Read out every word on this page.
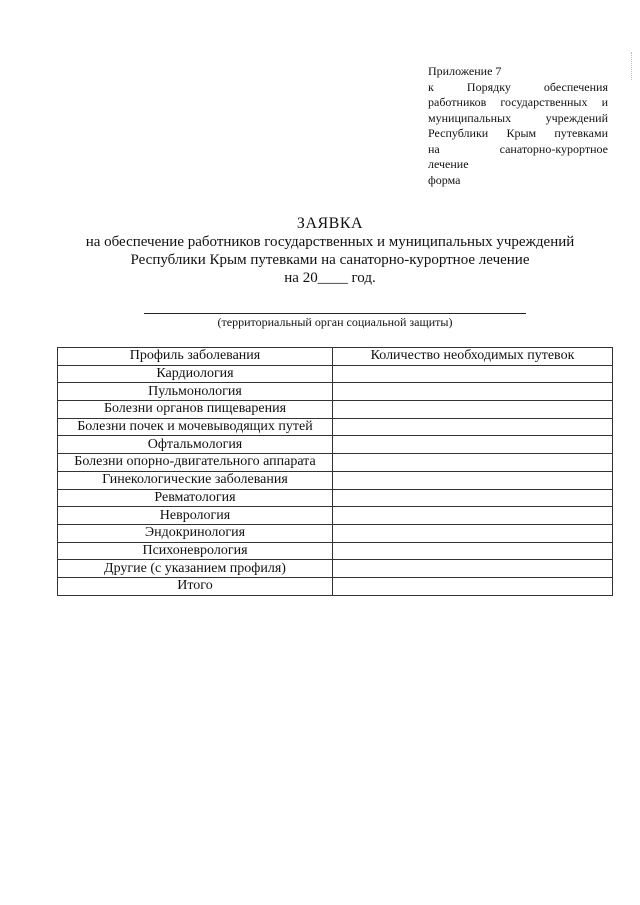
Приложение 7
к Порядку обеспечения
работников государственных и
муниципальных учреждений
Республики Крым путевками
на санаторно-курортное
лечение
форма
ЗАЯВКА
на обеспечение работников государственных и муниципальных учреждений
Республики Крым путевками на санаторно-курортное лечение
на 20____ год.
(территориальный орган социальной защиты)
Профиль заболевания	Количество необходимых путевок
Кардиология	
Пульмонология	
Болезни органов пищеварения	
Болезни почек и мочевыводящих путей	
Офтальмология	
Болезни опорно-двигательного аппарата	
Гинекологические заболевания	
Ревматология	
Неврология	
Эндокринология	
Психоневрология	
Другие (с указанием профиля)	
Итого	
